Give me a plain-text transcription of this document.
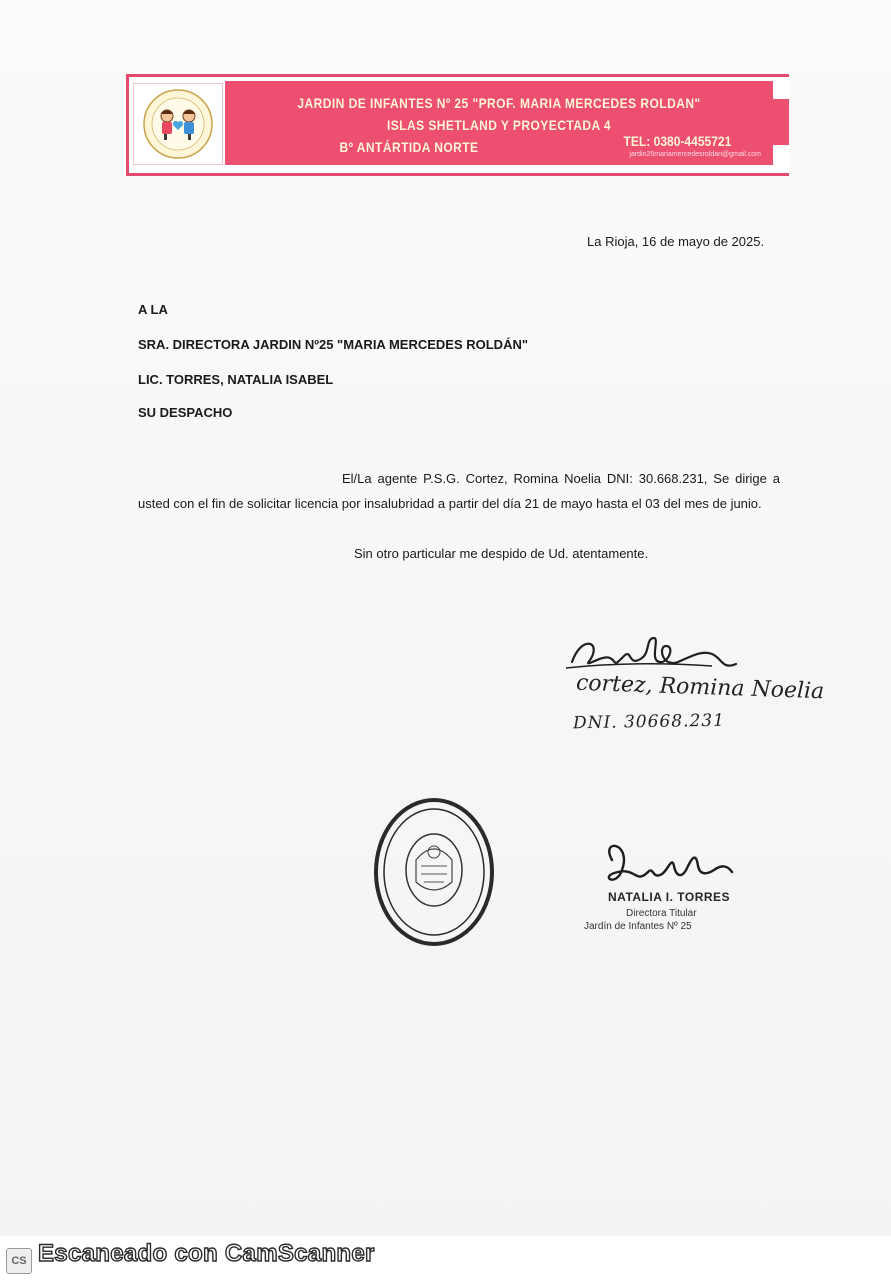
JARDIN DE INFANTES Nº 25 "PROF. MARIA MERCEDES ROLDAN"
ISLAS SHETLAND Y PROYECTADA 4
Bº ANTÁRTIDA NORTE	TEL: 0380-4455721
jardin25mariamercedesroldan@gmail.com
La Rioja, 16 de mayo de 2025.
A LA
SRA. DIRECTORA JARDIN Nº25 "MARIA MERCEDES ROLDÁN"
LIC. TORRES, NATALIA ISABEL
SU DESPACHO
El/La agente P.S.G. Cortez, Romina Noelia DNI: 30.668.231, Se dirige a usted con el fin de solicitar licencia por insalubridad a partir del día 21 de mayo hasta el 03 del mes de junio.
Sin otro particular me despido de Ud. atentamente.
cortez, Romina Noelia
DNI. 30668.231
NATALIA I. TORRES
Directora Titular
Jardín de Infantes Nº 25
CS Escaneado con CamScanner
